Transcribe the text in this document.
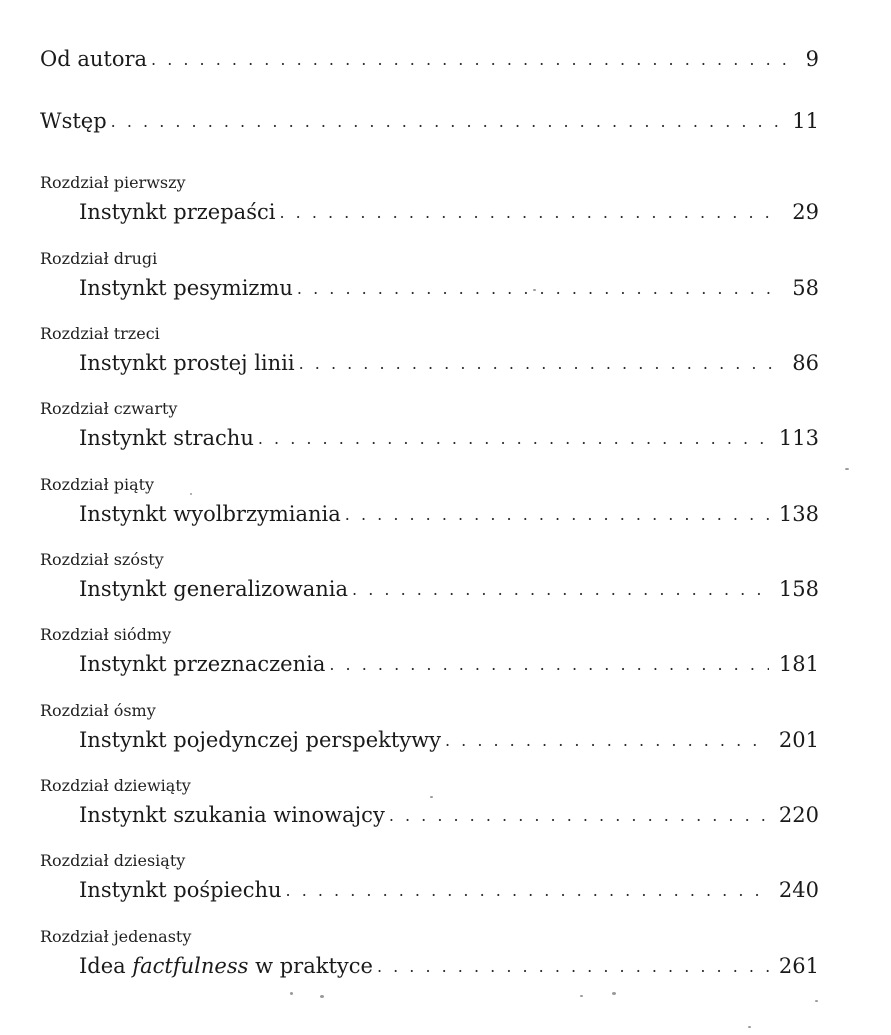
Od autora . . .	9
Wstęp . . .	11
Rozdział pierwszy
Instynkt przepaści . . .	29
Rozdział drugi
Instynkt pesymizmu . . .	58
Rozdział trzeci
Instynkt prostej linii . . .	86
Rozdział czwarty
Instynkt strachu . . .	113
Rozdział piąty
Instynkt wyolbrzymiania . . .	138
Rozdział szósty
Instynkt generalizowania . . .	158
Rozdział siódmy
Instynkt przeznaczenia . . .	181
Rozdział ósmy
Instynkt pojedynczej perspektywy . . .	201
Rozdział dziewiąty
Instynkt szukania winowajcy . . .	220
Rozdział dziesiąty
Instynkt pośpiechu . . .	240
Rozdział jedenasty
Idea factfulness w praktyce . . .	261
